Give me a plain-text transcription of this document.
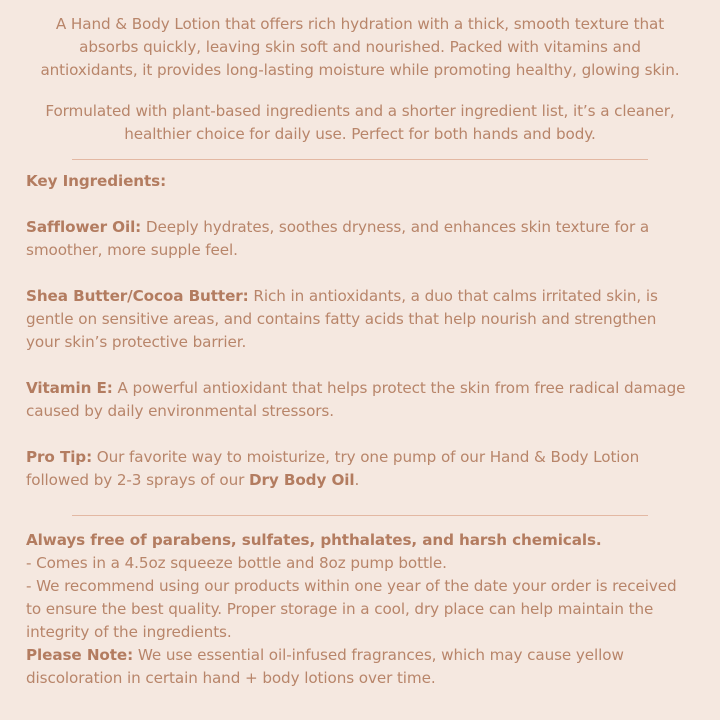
A Hand & Body Lotion that offers rich hydration with a thick, smooth texture that absorbs quickly, leaving skin soft and nourished. Packed with vitamins and antioxidants, it provides long-lasting moisture while promoting healthy, glowing skin.

Formulated with plant-based ingredients and a shorter ingredient list, it’s a cleaner, healthier choice for daily use. Perfect for both hands and body.

Key Ingredients:

Safflower Oil: Deeply hydrates, soothes dryness, and enhances skin texture for a smoother, more supple feel.

Shea Butter/Cocoa Butter: Rich in antioxidants, a duo that calms irritated skin, is gentle on sensitive areas, and contains fatty acids that help nourish and strengthen your skin’s protective barrier.

Vitamin E: A powerful antioxidant that helps protect the skin from free radical damage caused by daily environmental stressors.

Pro Tip: Our favorite way to moisturize, try one pump of our Hand & Body Lotion followed by 2-3 sprays of our Dry Body Oil.

Always free of parabens, sulfates, phthalates, and harsh chemicals.

- Comes in a 4.5oz squeeze bottle and 8oz pump bottle.

- We recommend using our products within one year of the date your order is received to ensure the best quality. Proper storage in a cool, dry place can help maintain the integrity of the ingredients.

Please Note: We use essential oil-infused fragrances, which may cause yellow discoloration in certain hand + body lotions over time.
